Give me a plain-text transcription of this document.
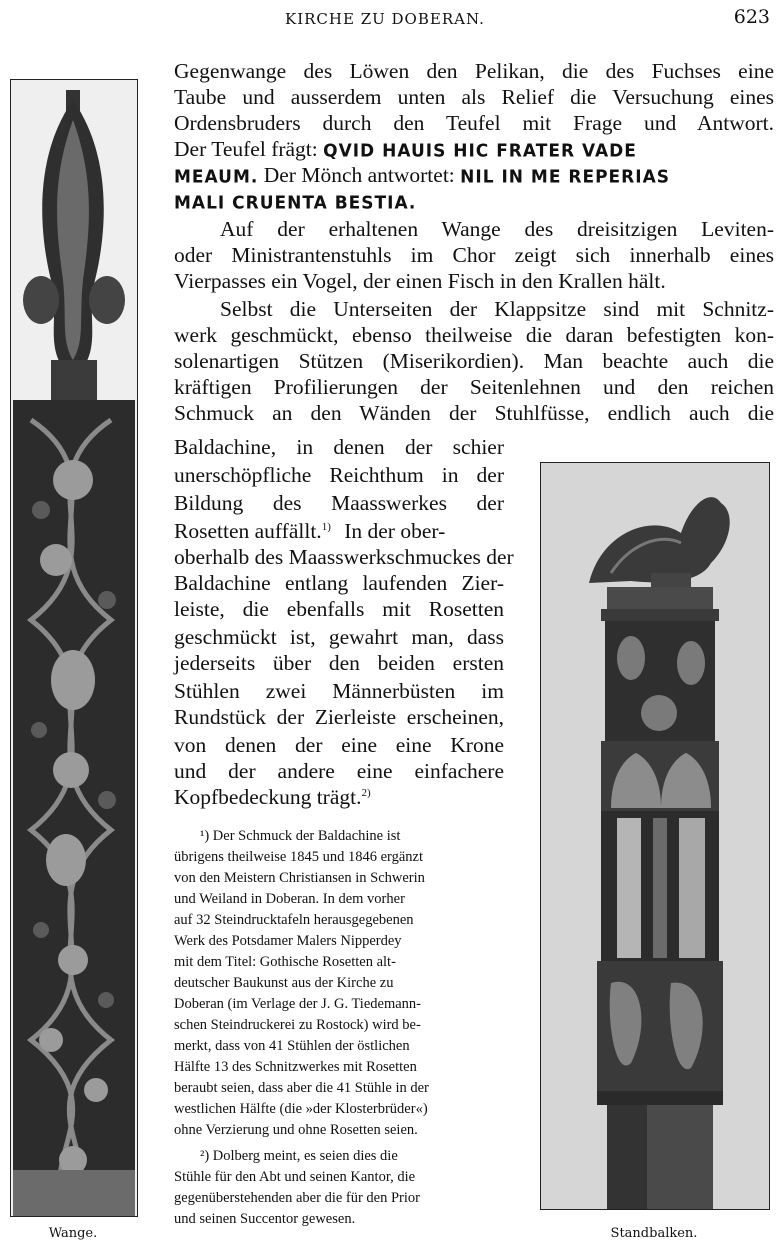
KIRCHE ZU DOBERAN.	623
Wange.	Standbalken.
Gegenwange des Löwen den Pelikan, die des Fuchses eine
Taube und ausserdem unten als Relief die Versuchung eines
Ordensbruders durch den Teufel mit Frage und Antwort.
Der Teufel frägt: QVID HAUIS HIC FRATER VADE
MEAUM. Der Mönch antwortet: NIL IN ME REPERIAS
MALI CRUENTA BESTIA.
Auf der erhaltenen Wange des dreisitzigen Leviten-
oder Ministrantenstuhls im Chor zeigt sich innerhalb eines
Vierpasses ein Vogel, der einen Fisch in den Krallen hält.
Selbst die Unterseiten der Klappsitze sind mit Schnitz-
werk geschmückt, ebenso theilweise die daran befestigten kon-
solenartigen Stützen (Miserikordien). Man beachte auch die
kräftigen Profilierungen der Seitenlehnen und den reichen
Schmuck an den Wänden der Stuhlfüsse, endlich auch die
Baldachine, in denen der schier
unerschöpfliche Reichthum in der
Bildung des Maasswerkes der
Rosetten auffällt.$^{1)}$ In der ober-
oberhalb des Maasswerkschmuckes der
Baldachine entlang laufenden Zier-
leiste, die ebenfalls mit Rosetten
geschmückt ist, gewahrt man, dass
jederseits über den beiden ersten
Stühlen zwei Männerbüsten im
Rundstück der Zierleiste erscheinen,
von denen der eine eine Krone
und der andere eine einfachere
Kopfbedeckung trägt.$^{2)}$
¹) Der Schmuck der Baldachine ist
übrigens theilweise 1845 und 1846 ergänzt
von den Meistern Christiansen in Schwerin
und Weiland in Doberan. In dem vorher
auf 32 Steindrucktafeln herausgegebenen
Werk des Potsdamer Malers Nipperdey
mit dem Titel: Gothische Rosetten alt-
deutscher Baukunst aus der Kirche zu
Doberan (im Verlage der J. G. Tiedemann-
schen Steindruckerei zu Rostock) wird be-
merkt, dass von 41 Stühlen der östlichen
Hälfte 13 des Schnitzwerkes mit Rosetten
beraubt seien, dass aber die 41 Stühle in der
westlichen Hälfte (die »der Klosterbrüder«)
ohne Verzierung und ohne Rosetten seien.
²) Dolberg meint, es seien dies die
Stühle für den Abt und seinen Kantor, die
gegenüberstehenden aber die für den Prior
und seinen Succentor gewesen.
